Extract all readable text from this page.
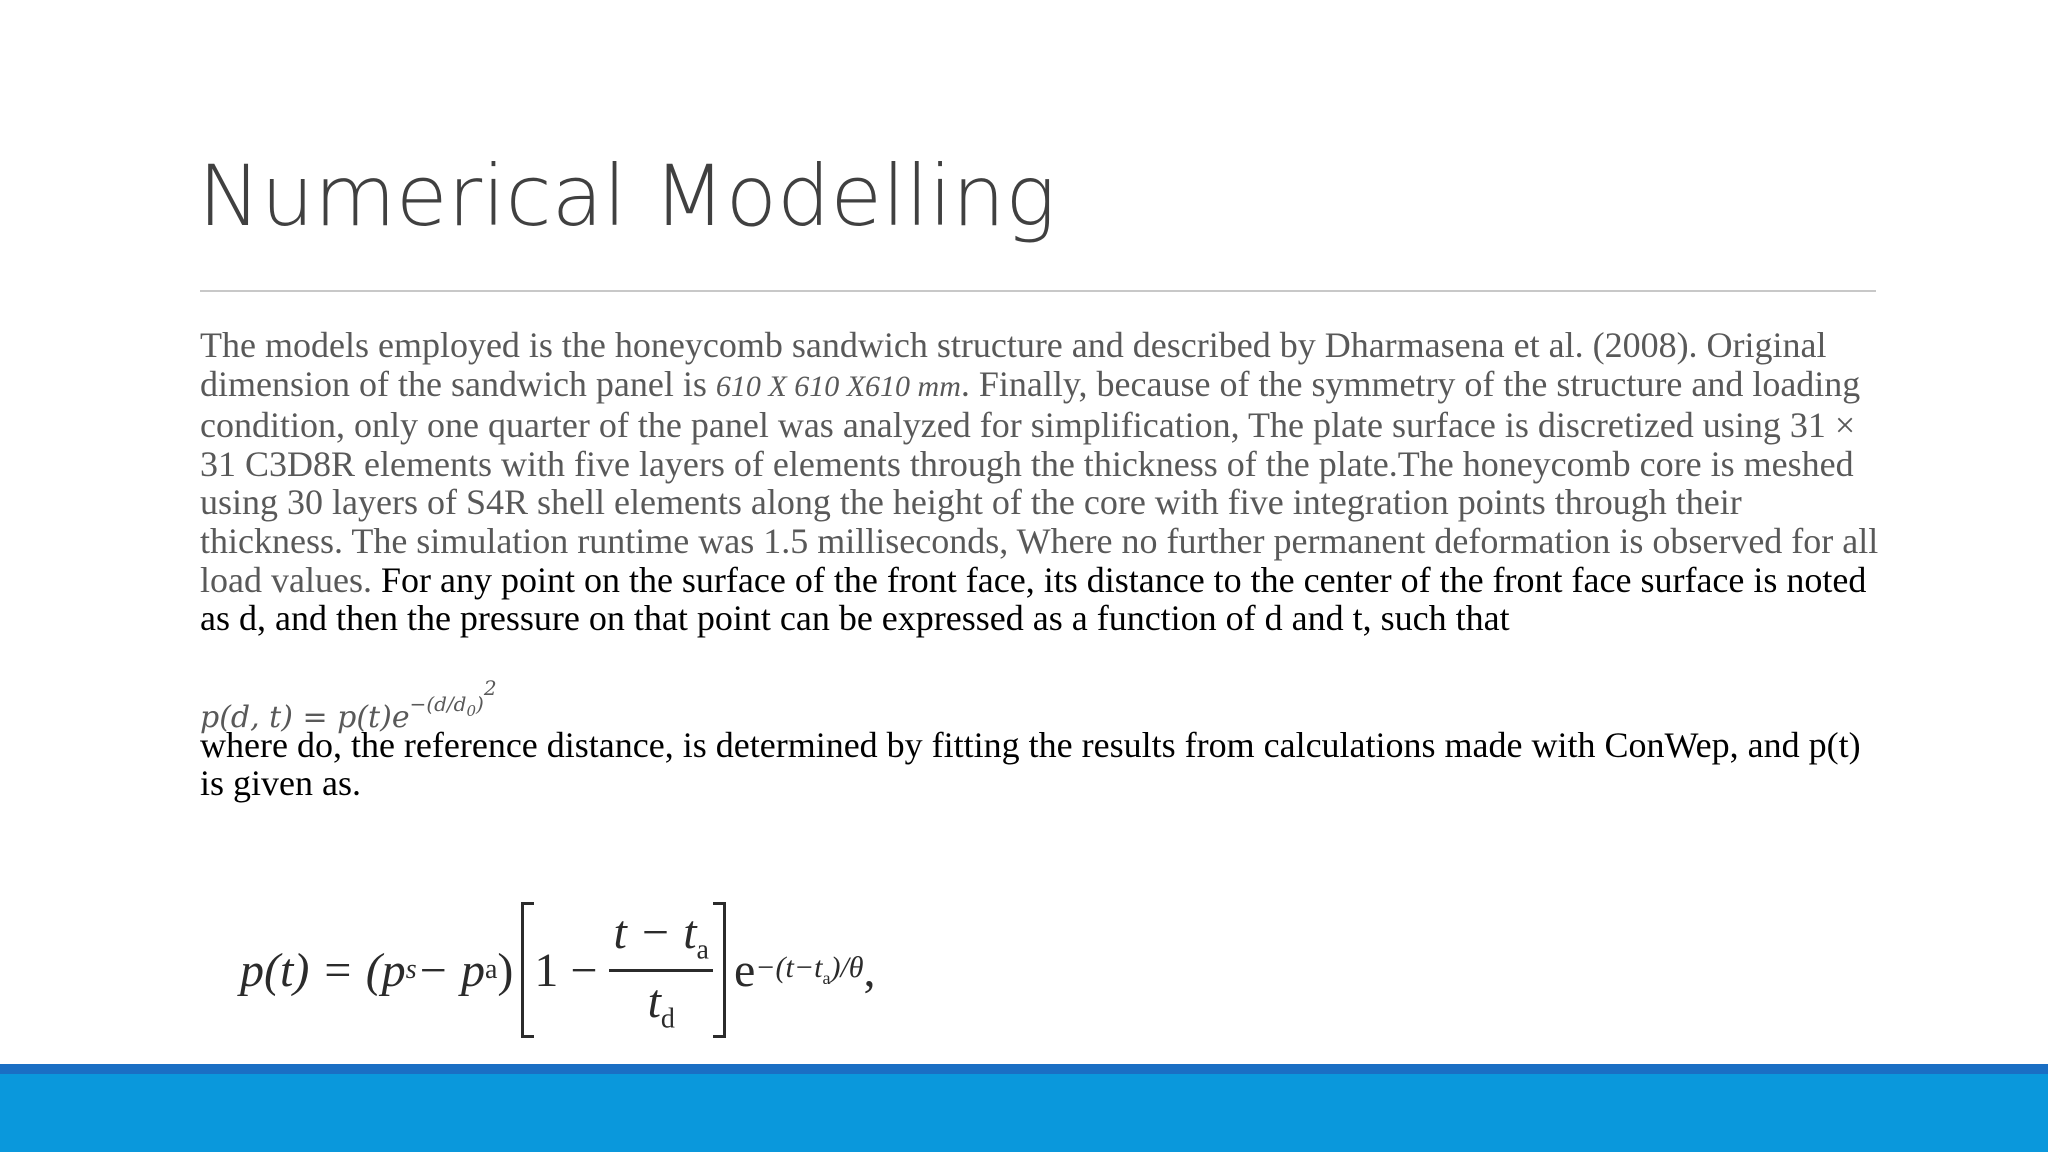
Numerical Modelling

The models employed is the honeycomb sandwich structure and described by Dharmasena et al. (2008). Original dimension of the sandwich panel is 610 X 610 X610 mm. Finally, because of the symmetry of the structure and loading condition, only one quarter of the panel was analyzed for simplification, The plate surface is discretized using 31 × 31 C3D8R elements with five layers of elements through the thickness of the plate.The honeycomb core is meshed using 30 layers of S4R shell elements along the height of the core with five integration points through their thickness. The simulation runtime was 1.5 milliseconds, Where no further permanent deformation is observed for all load values. For any point on the surface of the front face, its distance to the center of the front face surface is noted as d, and then the pressure on that point can be expressed as a function of d and t, such that

p(d, $t) = p(t)e^{-(d/d_0)^2}$

where do, the reference distance, is determined by fitting the results from calculations made with ConWep, and p(t) is given as.

p(t) = (p s − p a ) $1 - \frac{t - t_a}{t_d}$ $e -(t-t_a)/\theta$ ,
